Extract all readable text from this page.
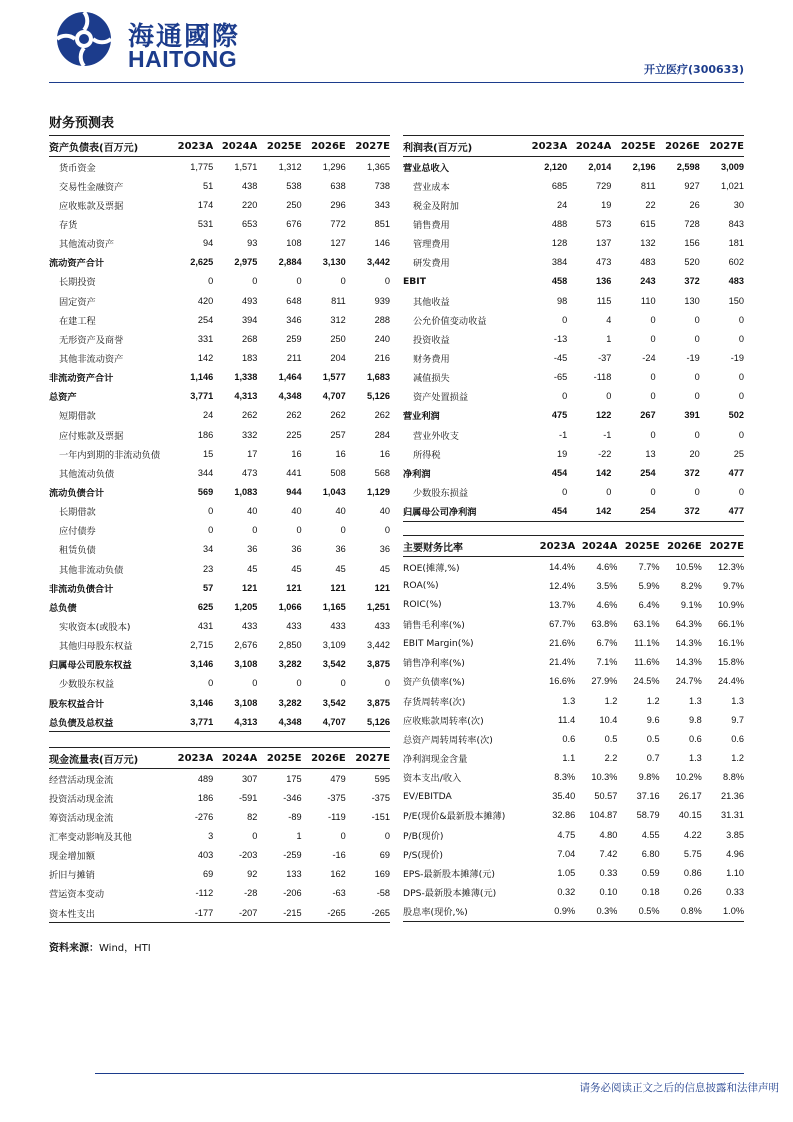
海通國際
HAITONG	开立医疗(300633)
财务预测表
资产负债表(百万元)	2023A	2024A	2025E	2026E	2027E
货币资金	1,775	1,571	1,312	1,296	1,365
交易性金融资产	51	438	538	638	738
应收账款及票据	174	220	250	296	343
存货	531	653	676	772	851
其他流动资产	94	93	108	127	146
流动资产合计	2,625	2,975	2,884	3,130	3,442
长期投资	0	0	0	0	0
固定资产	420	493	648	811	939
在建工程	254	394	346	312	288
无形资产及商誉	331	268	259	250	240
其他非流动资产	142	183	211	204	216
非流动资产合计	1,146	1,338	1,464	1,577	1,683
总资产	3,771	4,313	4,348	4,707	5,126
短期借款	24	262	262	262	262
应付账款及票据	186	332	225	257	284
一年内到期的非流动负债	15	17	16	16	16
其他流动负债	344	473	441	508	568
流动负债合计	569	1,083	944	1,043	1,129
长期借款	0	40	40	40	40
应付债券	0	0	0	0	0
租赁负债	34	36	36	36	36
其他非流动负债	23	45	45	45	45
非流动负债合计	57	121	121	121	121
总负债	625	1,205	1,066	1,165	1,251
实收资本(或股本)	431	433	433	433	433
其他归母股东权益	2,715	2,676	2,850	3,109	3,442
归属母公司股东权益	3,146	3,108	3,282	3,542	3,875
少数股东权益	0	0	0	0	0
股东权益合计	3,146	3,108	3,282	3,542	3,875
总负债及总权益	3,771	4,313	4,348	4,707	5,126
利润表(百万元)	2023A	2024A	2025E	2026E	2027E
营业总收入	2,120	2,014	2,196	2,598	3,009
营业成本	685	729	811	927	1,021
税金及附加	24	19	22	26	30
销售费用	488	573	615	728	843
管理费用	128	137	132	156	181
研发费用	384	473	483	520	602
EBIT	458	136	243	372	483
其他收益	98	115	110	130	150
公允价值变动收益	0	4	0	0	0
投资收益	-13	1	0	0	0
财务费用	-45	-37	-24	-19	-19
减值损失	-65	-118	0	0	0
资产处置损益	0	0	0	0	0
营业利润	475	122	267	391	502
营业外收支	-1	-1	0	0	0
所得税	19	-22	13	20	25
净利润	454	142	254	372	477
少数股东损益	0	0	0	0	0
归属母公司净利润	454	142	254	372	477
主要财务比率	2023A	2024A	2025E	2026E	2027E
ROE(摊薄,%)	14.4%	4.6%	7.7%	10.5%	12.3%
ROA(%)	12.4%	3.5%	5.9%	8.2%	9.7%
ROIC(%)	13.7%	4.6%	6.4%	9.1%	10.9%
销售毛利率(%)	67.7%	63.8%	63.1%	64.3%	66.1%
EBIT Margin(%)	21.6%	6.7%	11.1%	14.3%	16.1%
销售净利率(%)	21.4%	7.1%	11.6%	14.3%	15.8%
资产负债率(%)	16.6%	27.9%	24.5%	24.7%	24.4%
存货周转率(次)	1.3	1.2	1.2	1.3	1.3
应收账款周转率(次)	11.4	10.4	9.6	9.8	9.7
总资产周转周转率(次)	0.6	0.5	0.5	0.6	0.6
净利润现金含量	1.1	2.2	0.7	1.3	1.2
资本支出/收入	8.3%	10.3%	9.8%	10.2%	8.8%
EV/EBITDA	35.40	50.57	37.16	26.17	21.36
P/E(现价&最新股本摊薄)	32.86	104.87	58.79	40.15	31.31
P/B(现价)	4.75	4.80	4.55	4.22	3.85
P/S(现价)	7.04	7.42	6.80	5.75	4.96
EPS-最新股本摊薄(元)	1.05	0.33	0.59	0.86	1.10
DPS-最新股本摊薄(元)	0.32	0.10	0.18	0.26	0.33
股息率(现价,%)	0.9%	0.3%	0.5%	0.8%	1.0%
现金流量表(百万元)	2023A	2024A	2025E	2026E	2027E
经营活动现金流	489	307	175	479	595
投资活动现金流	186	-591	-346	-375	-375
筹资活动现金流	-276	82	-89	-119	-151
汇率变动影响及其他	3	0	1	0	0
现金增加额	403	-203	-259	-16	69
折旧与摊销	69	92	133	162	169
营运资本变动	-112	-28	-206	-63	-58
资本性支出	-177	-207	-215	-265	-265
资料来源：Wind，HTI
请务必阅读正文之后的信息披露和法律声明
